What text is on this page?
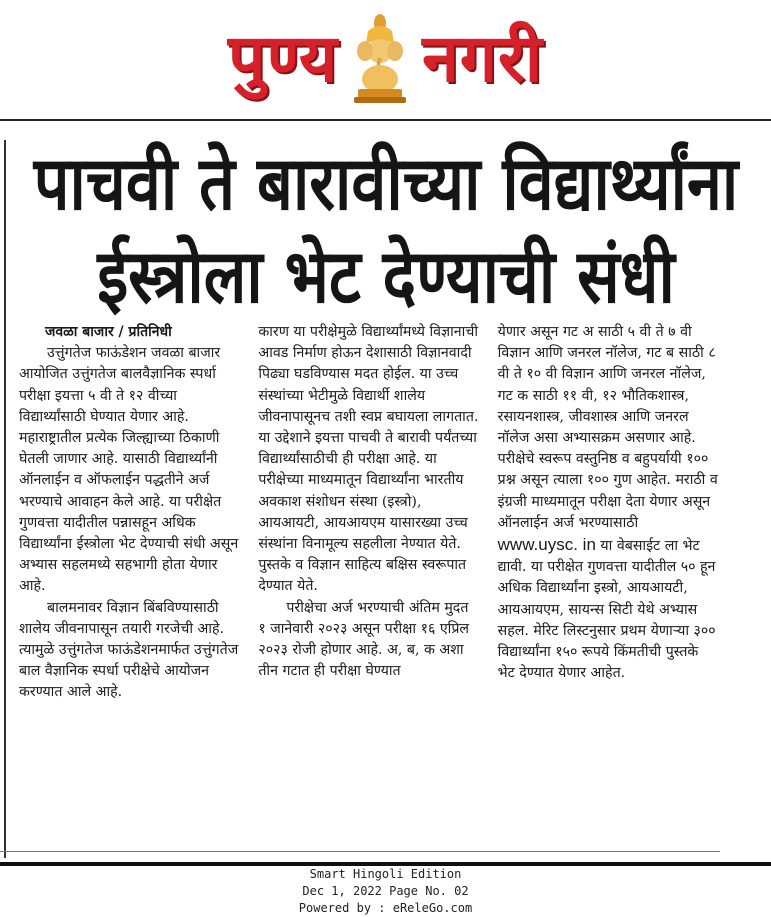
पुण्य नगरी
पाचवी ते बारावीच्या विद्यार्थ्यांना
ईस्त्रोला भेट देण्याची संधी
जवळा बाजार / प्रतिनिधी

उत्तुंगतेज फाऊंडेशन जवळा बाजार आयोजित उत्तुंगतेज बालवैज्ञानिक स्पर्धा परीक्षा इयत्ता ५ वी ते १२ वीच्या विद्यार्थ्यांसाठी घेण्यात येणार आहे. महाराष्ट्रातील प्रत्येक जिल्ह्याच्या ठिकाणी घेतली जाणार आहे. यासाठी विद्यार्थ्यांनी ऑनलाईन व ऑफलाईन पद्धतीने अर्ज भरण्याचे आवाहन केले आहे. या परीक्षेत गुणवत्ता यादीतील पन्नासहून अधिक विद्यार्थ्यांना ईस्त्रोला भेट देण्याची संधी असून अभ्यास सहलमध्ये सहभागी होता येणार आहे.

बालमनावर विज्ञान बिंबविण्यासाठी शालेय जीवनापासून तयारी गरजेची आहे. त्यामुळे उत्तुंगतेज फाऊंडेशनमार्फत उत्तुंगतेज बाल वैज्ञानिक स्पर्धा परीक्षेचे आयोजन करण्यात आले आहे.

कारण या परीक्षेमुळे विद्यार्थ्यांमध्ये विज्ञानाची आवड निर्माण होऊन देशासाठी विज्ञानवादी पिढ्या घडविण्यास मदत होईल. या उच्च संस्थांच्या भेटीमुळे विद्यार्थी शालेय जीवनापासूनच तशी स्वप्न बघायला लागतात. या उद्देशाने इयत्ता पाचवी ते बारावी पर्यंतच्या विद्यार्थ्यांसाठीची ही परीक्षा आहे. या परीक्षेच्या माध्यमातून विद्यार्थ्यांना भारतीय अवकाश संशोधन संस्था (इस्त्रो), आयआयटी, आयआयएम यासारख्या उच्च संस्थांना विनामूल्य सहलीला नेण्यात येते. पुस्तके व विज्ञान साहित्य बक्षिस स्वरूपात देण्यात येते.

परीक्षेचा अर्ज भरण्याची अंतिम मुदत १ जानेवारी २०२३ असून परीक्षा १६ एप्रिल २०२३ रोजी होणार आहे. अ, ब, क अशा तीन गटात ही परीक्षा घेण्यात

येणार असून गट अ साठी ५ वी ते ७ वी विज्ञान आणि जनरल नॉलेज, गट ब साठी ८ वी ते १० वी विज्ञान आणि जनरल नॉलेज, गट क साठी ११ वी, १२ भौतिकशास्त्र, रसायनशास्त्र, जीवशास्त्र आणि जनरल नॉलेज असा अभ्यासक्रम असणार आहे. परीक्षेचे स्वरूप वस्तुनिष्ठ व बहुपर्यायी १०० प्रश्न असून त्याला १०० गुण आहेत. मराठी व इंग्रजी माध्यमातून परीक्षा देता येणार असून ऑनलाईन अर्ज भरण्यासाठी www.uysc. in या वेबसाईट ला भेट द्यावी. या परीक्षेत गुणवत्ता यादीतील ५० हून अधिक विद्यार्थ्यांना इस्त्रो, आयआयटी, आयआयएम, सायन्स सिटी येथे अभ्यास सहल. मेरिट लिस्टनुसार प्रथम येणाऱ्या ३०० विद्यार्थ्यांना १५० रूपये किंमतीची पुस्तके भेट देण्यात येणार आहेत.

Smart Hingoli Edition
Dec 1, 2022 Page No. 02
Powered by : eReleGo.com
